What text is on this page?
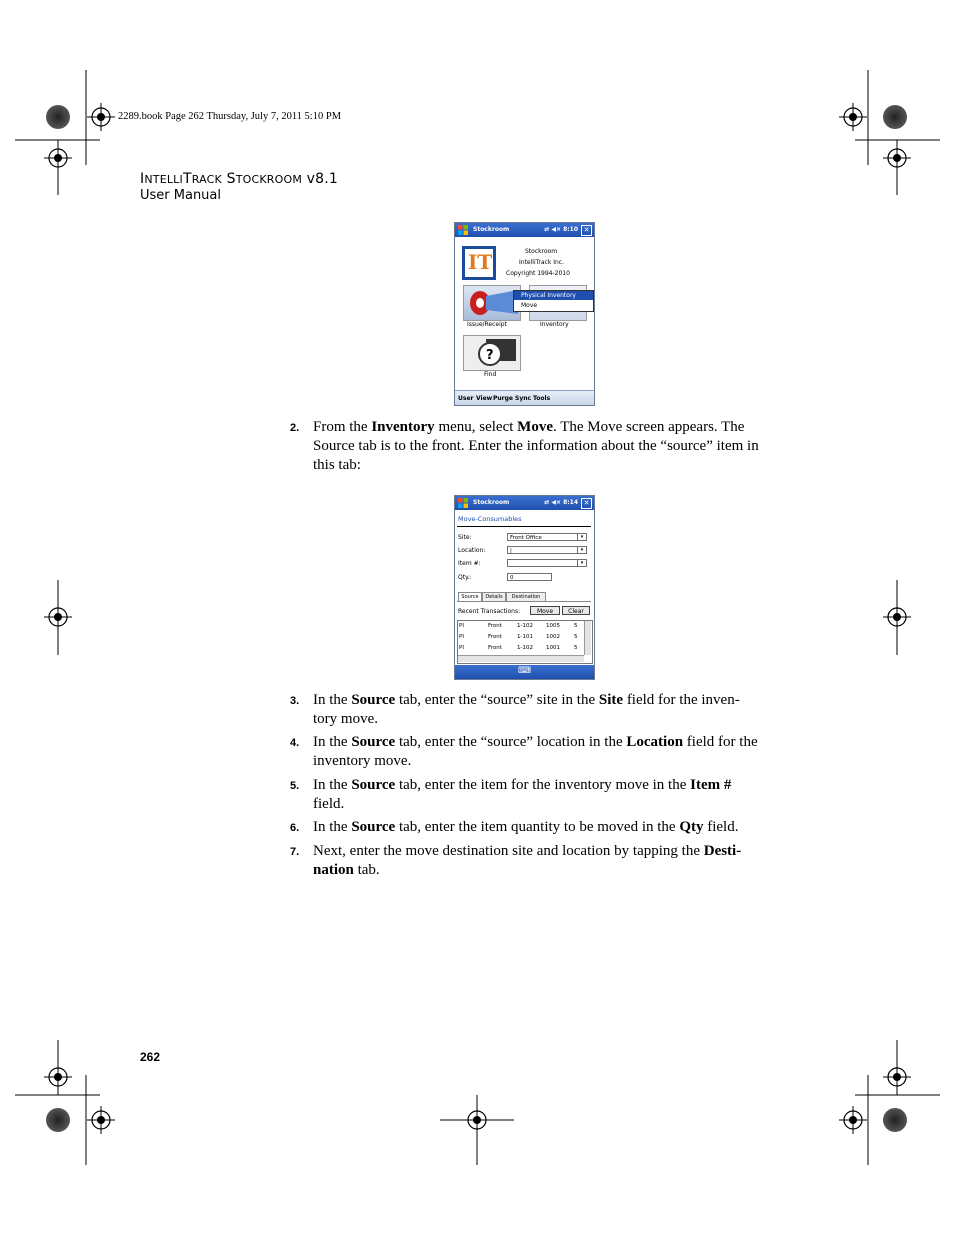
2289.book Page 262 Thursday, July 7, 2011 5:10 PM
INTELLITRACK STOCKROOM v8.1
User Manual
Stockroom	⇄ ◀× 8:10 ✕
IT	Stockroom
IntelliTrack Inc.
Copyright 1994-2010
Issue/Receipt	Inventory
Physical Inventory
Move
?
Find
User View Purge Sync Tools
2. From the Inventory menu, select Move. The Move screen appears. The Source tab is to the front. Enter the information about the “source” item in this tab:
Stockroom	⇄ ◀× 8:14 ✕
Move-Consumables
Site:	Front Office	▾
Location:	|	▾
Item #:	▾
Qty.:	0
Source	Details	Destination
Recent Transactions:	Move	Clear
PI	Front	1-102 1005	5
PI	Front	1-101 1002	5
PI	Front	1-102 1001	5
⌨
3. In the Source tab, enter the “source” site in the Site field for the inven-tory move.
4. In the Source tab, enter the “source” location in the Location field for the inventory move.
5. In the Source tab, enter the item for the inventory move in the Item # field.
6. In the Source tab, enter the item quantity to be moved in the Qty field.
7. Next, enter the move destination site and location by tapping the Desti-nation tab.
262
